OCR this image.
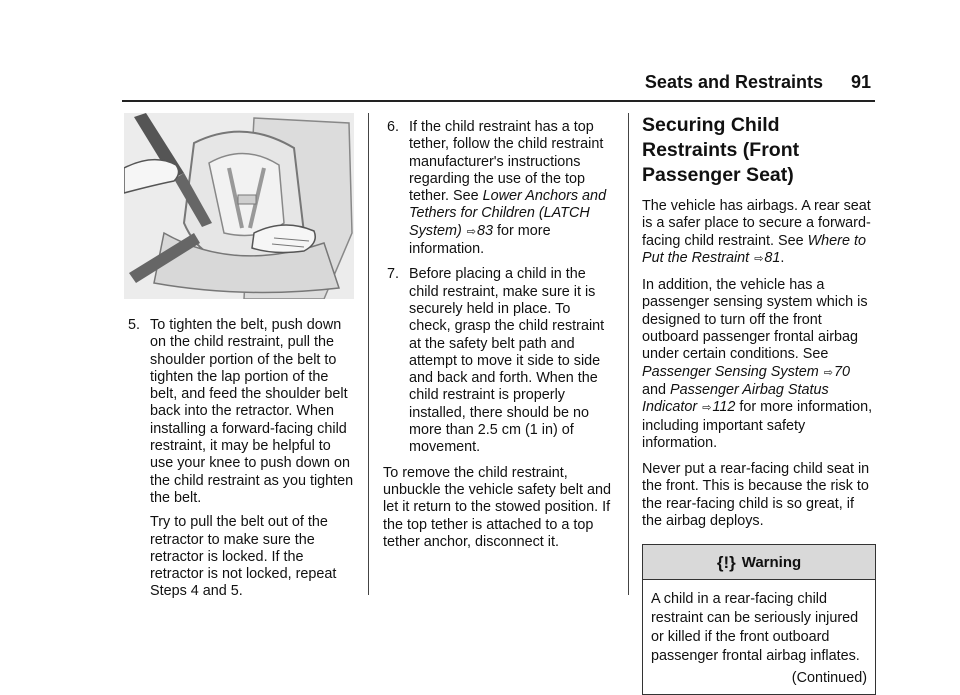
Seats and Restraints 91
5. To tighten the belt, push down on the child restraint, pull the shoulder portion of the belt to tighten the lap portion of the belt, and feed the shoulder belt back into the retractor. When installing a forward-facing child restraint, it may be helpful to use your knee to push down on the child restraint as you tighten the belt.

Try to pull the belt out of the retractor to make sure the retractor is locked. If the retractor is not locked, repeat Steps 4 and 5.

6. If the child restraint has a top tether, follow the child restraint manufacturer's instructions regarding the use of the top tether. See Lower Anchors and Tethers for Children (LATCH System) ⇨83 for more information.

7. Before placing a child in the child restraint, make sure it is securely held in place. To check, grasp the child restraint at the safety belt path and attempt to move it side to side and back and forth. When the child restraint is properly installed, there should be no more than 2.5 cm (1 in) of movement.

To remove the child restraint, unbuckle the vehicle safety belt and let it return to the stowed position. If the top tether is attached to a top tether anchor, disconnect it.

Securing Child Restraints (Front Passenger Seat)

The vehicle has airbags. A rear seat is a safer place to secure a forward-facing child restraint. See Where to Put the Restraint ⇨81.

In addition, the vehicle has a passenger sensing system which is designed to turn off the front outboard passenger frontal airbag under certain conditions. See Passenger Sensing System ⇨70 and Passenger Airbag Status Indicator ⇨112 for more information, including important safety information.

Never put a rear-facing child seat in the front. This is because the risk to the rear-facing child is so great, if the airbag deploys.

{!} Warning

A child in a rear-facing child restraint can be seriously injured or killed if the front outboard passenger frontal airbag inflates.

(Continued)
